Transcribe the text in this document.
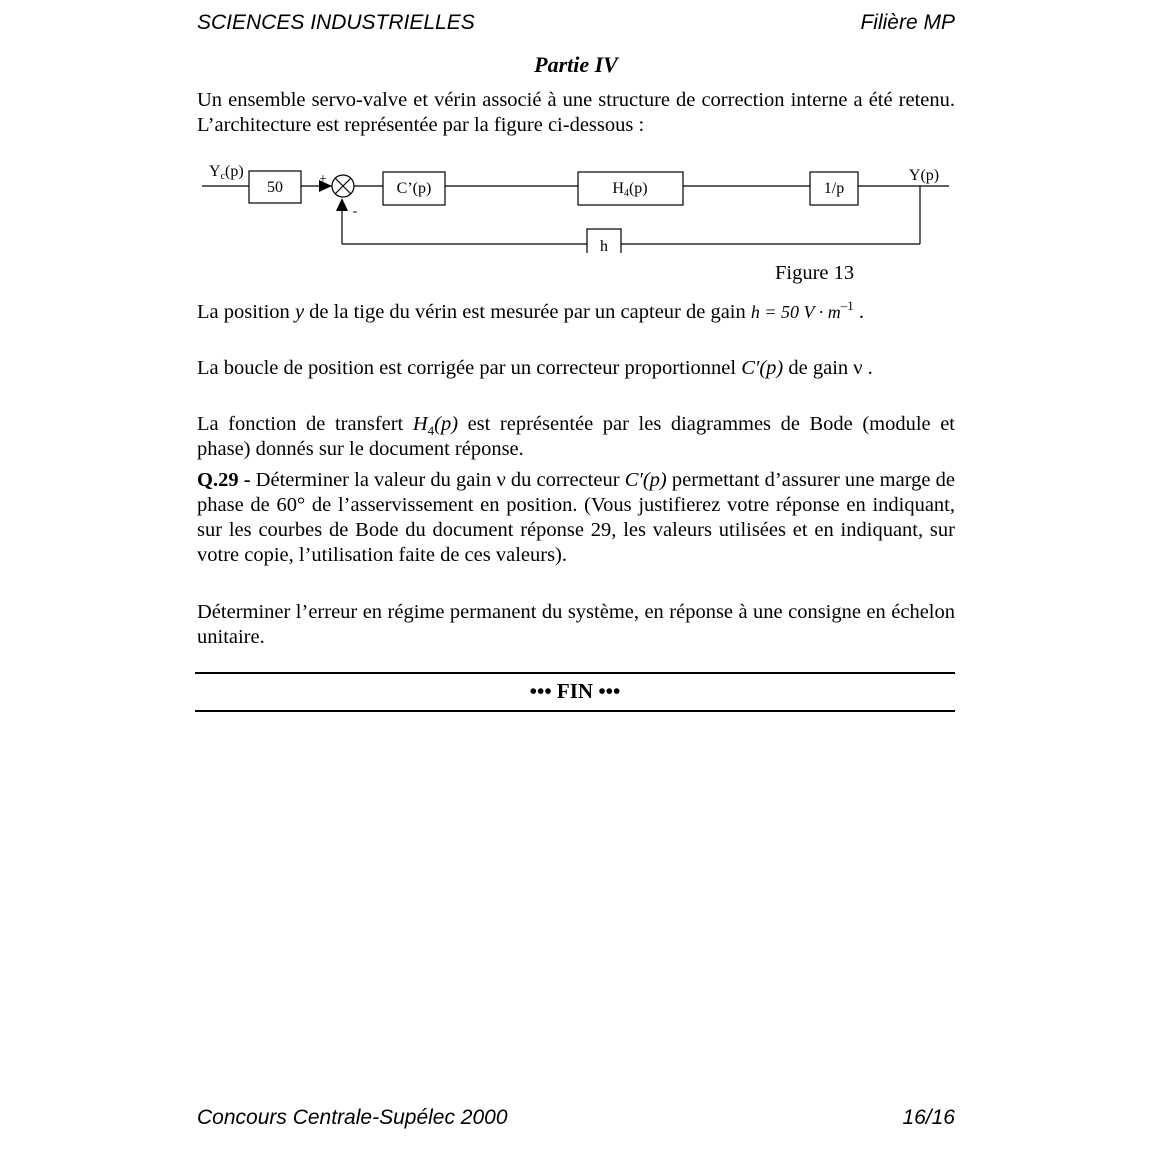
SCIENCES INDUSTRIELLES	Filière MP
Partie IV
Un ensemble servo-valve et vérin associé à une structure de correction interne a été retenu. L’architecture est représentée par la figure ci-dessous :
Yc(p)
50	+
-
C’(p)	H4(p)	1/p
Y(p)
h
Figure 13
La position y de la tige du vérin est mesurée par un capteur de gain h = 50 $V \cdot m^{-1}$ .
La boucle de position est corrigée par un correcteur proportionnel C′(p) de gain ν .
La fonction de transfert $H_4(p)$ est représentée par les diagrammes de Bode (module et phase) donnés sur le document réponse.
Q.29 - Déterminer la valeur du gain ν du correcteur C′(p) permettant d’assurer une marge de phase de 60° de l’asservissement en position. (Vous justifierez votre réponse en indiquant, sur les courbes de Bode du document réponse 29, les valeurs utilisées et en indiquant, sur votre copie, l’utilisation faite de ces valeurs).
Déterminer l’erreur en régime permanent du système, en réponse à une consigne en échelon unitaire.
••• FIN •••
Concours Centrale-Supélec 2000	16/16
